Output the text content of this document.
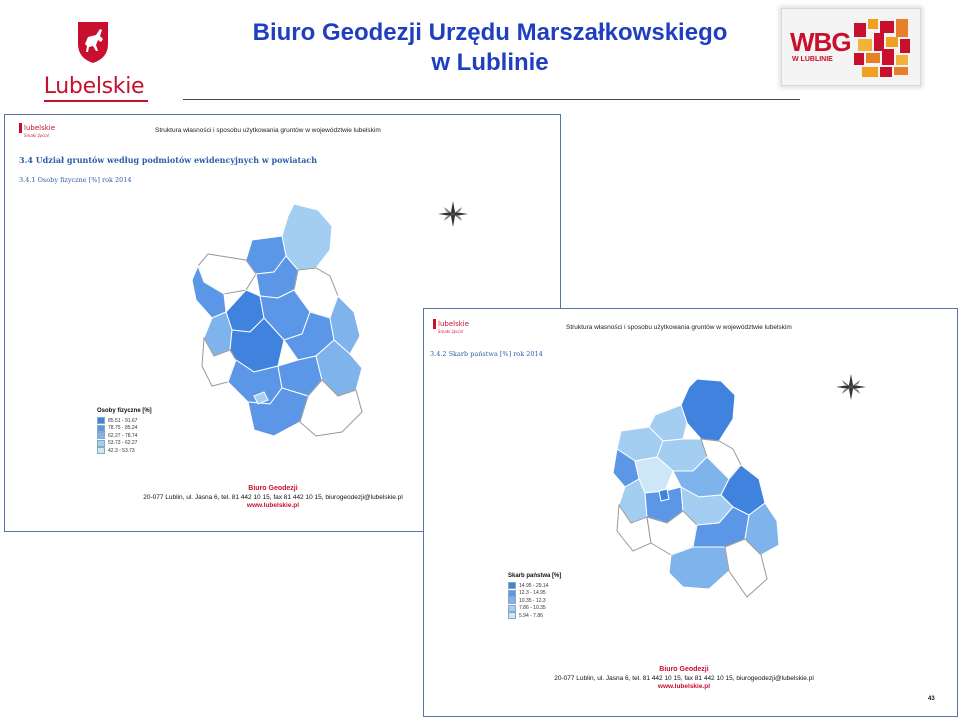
Lubelskie
Biuro Geodezji Urzędu Marszałkowskiego
w Lublinie
WBG
W LUBLINIE
lubelskie
Smaki życia!
Struktura własności i sposobu użytkowania gruntów w województwie lubelskim
3.4 Udział gruntów według podmiotów ewidencyjnych w powiatach
3.4.1 Osoby fizyczne [%] rok 2014
Osoby fizyczne [%]
85.51 - 91.67
78.75 - 85.24
62.27 - 78.74
53.73 - 62.27
42.3 - 53.73
Biuro Geodezji
20-077 Lublin, ul. Jasna 6, tel. 81 442 10 15, fax 81 442 10 15, biurogeodezji@lubelskie.pl
www.lubelskie.pl
lubelskie
Smaki życia!
Struktura własności i sposobu użytkowania gruntów w województwie lubelskim
3.4.2 Skarb państwa [%] rok 2014
Skarb państwa [%]
14.95 - 29.14
12.3 - 14.95
10.35 - 12.3
7.86 - 10.35
5.94 - 7.86
Biuro Geodezji
20-077 Lublin, ul. Jasna 6, tel. 81 442 10 15, fax 81 442 10 15, biurogeodezji@lubelskie.pl
www.lubelskie.pl
43
